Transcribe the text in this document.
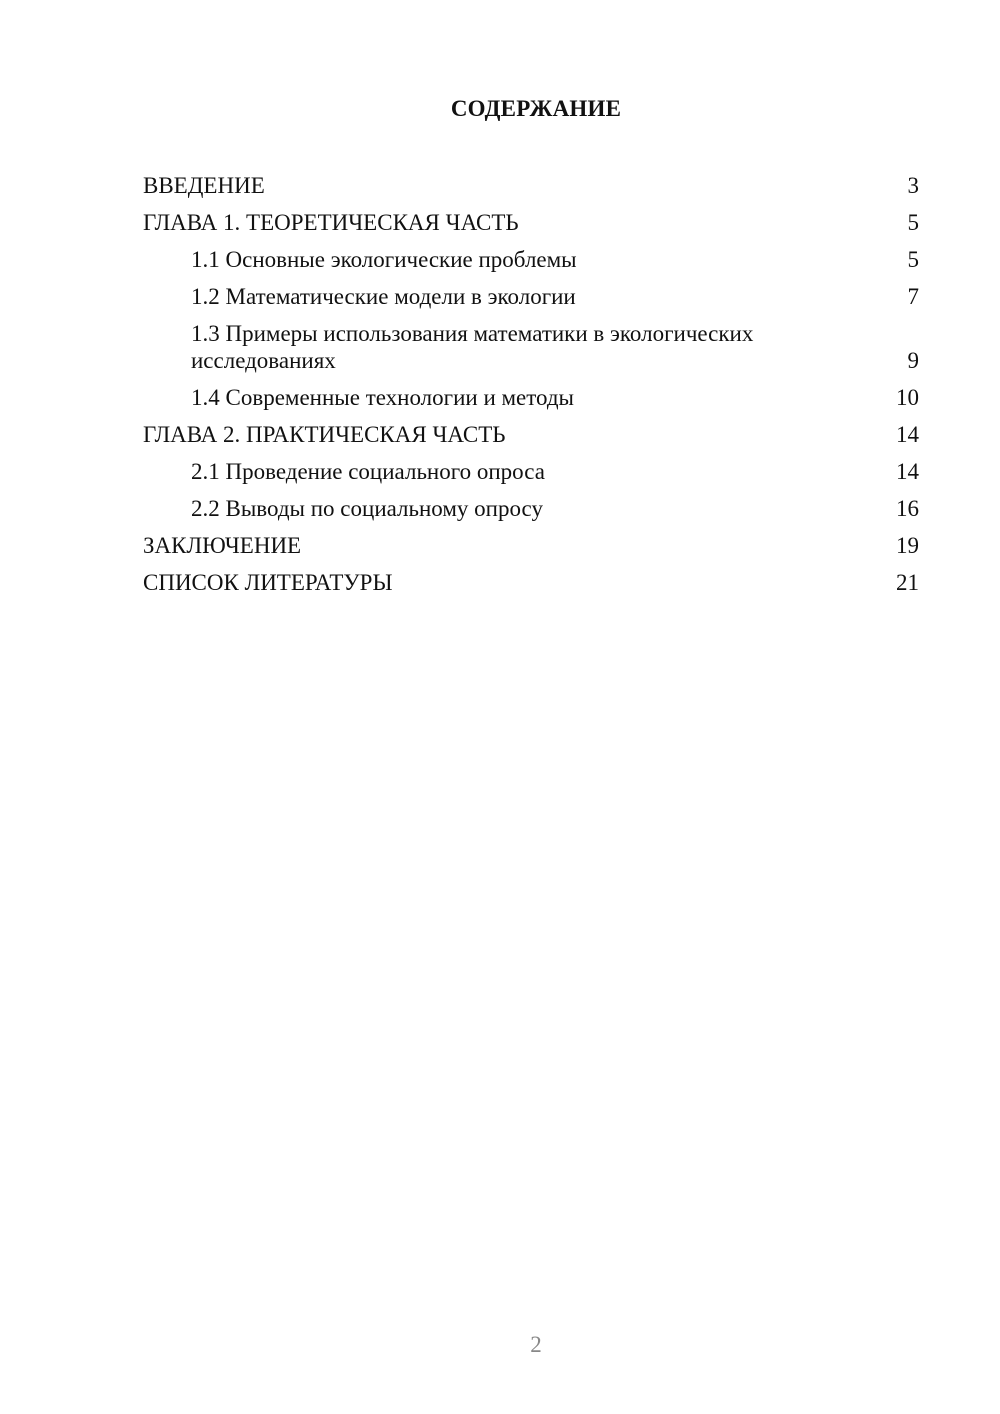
СОДЕРЖАНИЕ
ВВЕДЕНИЕ	3
ГЛАВА 1. ТЕОРЕТИЧЕСКАЯ ЧАСТЬ	5
1.1 Основные экологические проблемы	5
1.2 Математические модели в экологии	7
1.3 Примеры использования математики в экологических исследованиях	9
1.4 Современные технологии и методы	10
ГЛАВА 2. ПРАКТИЧЕСКАЯ ЧАСТЬ	14
2.1 Проведение социального опроса	14
2.2 Выводы по социальному опросу	16
ЗАКЛЮЧЕНИЕ	19
СПИСОК ЛИТЕРАТУРЫ	21
2
